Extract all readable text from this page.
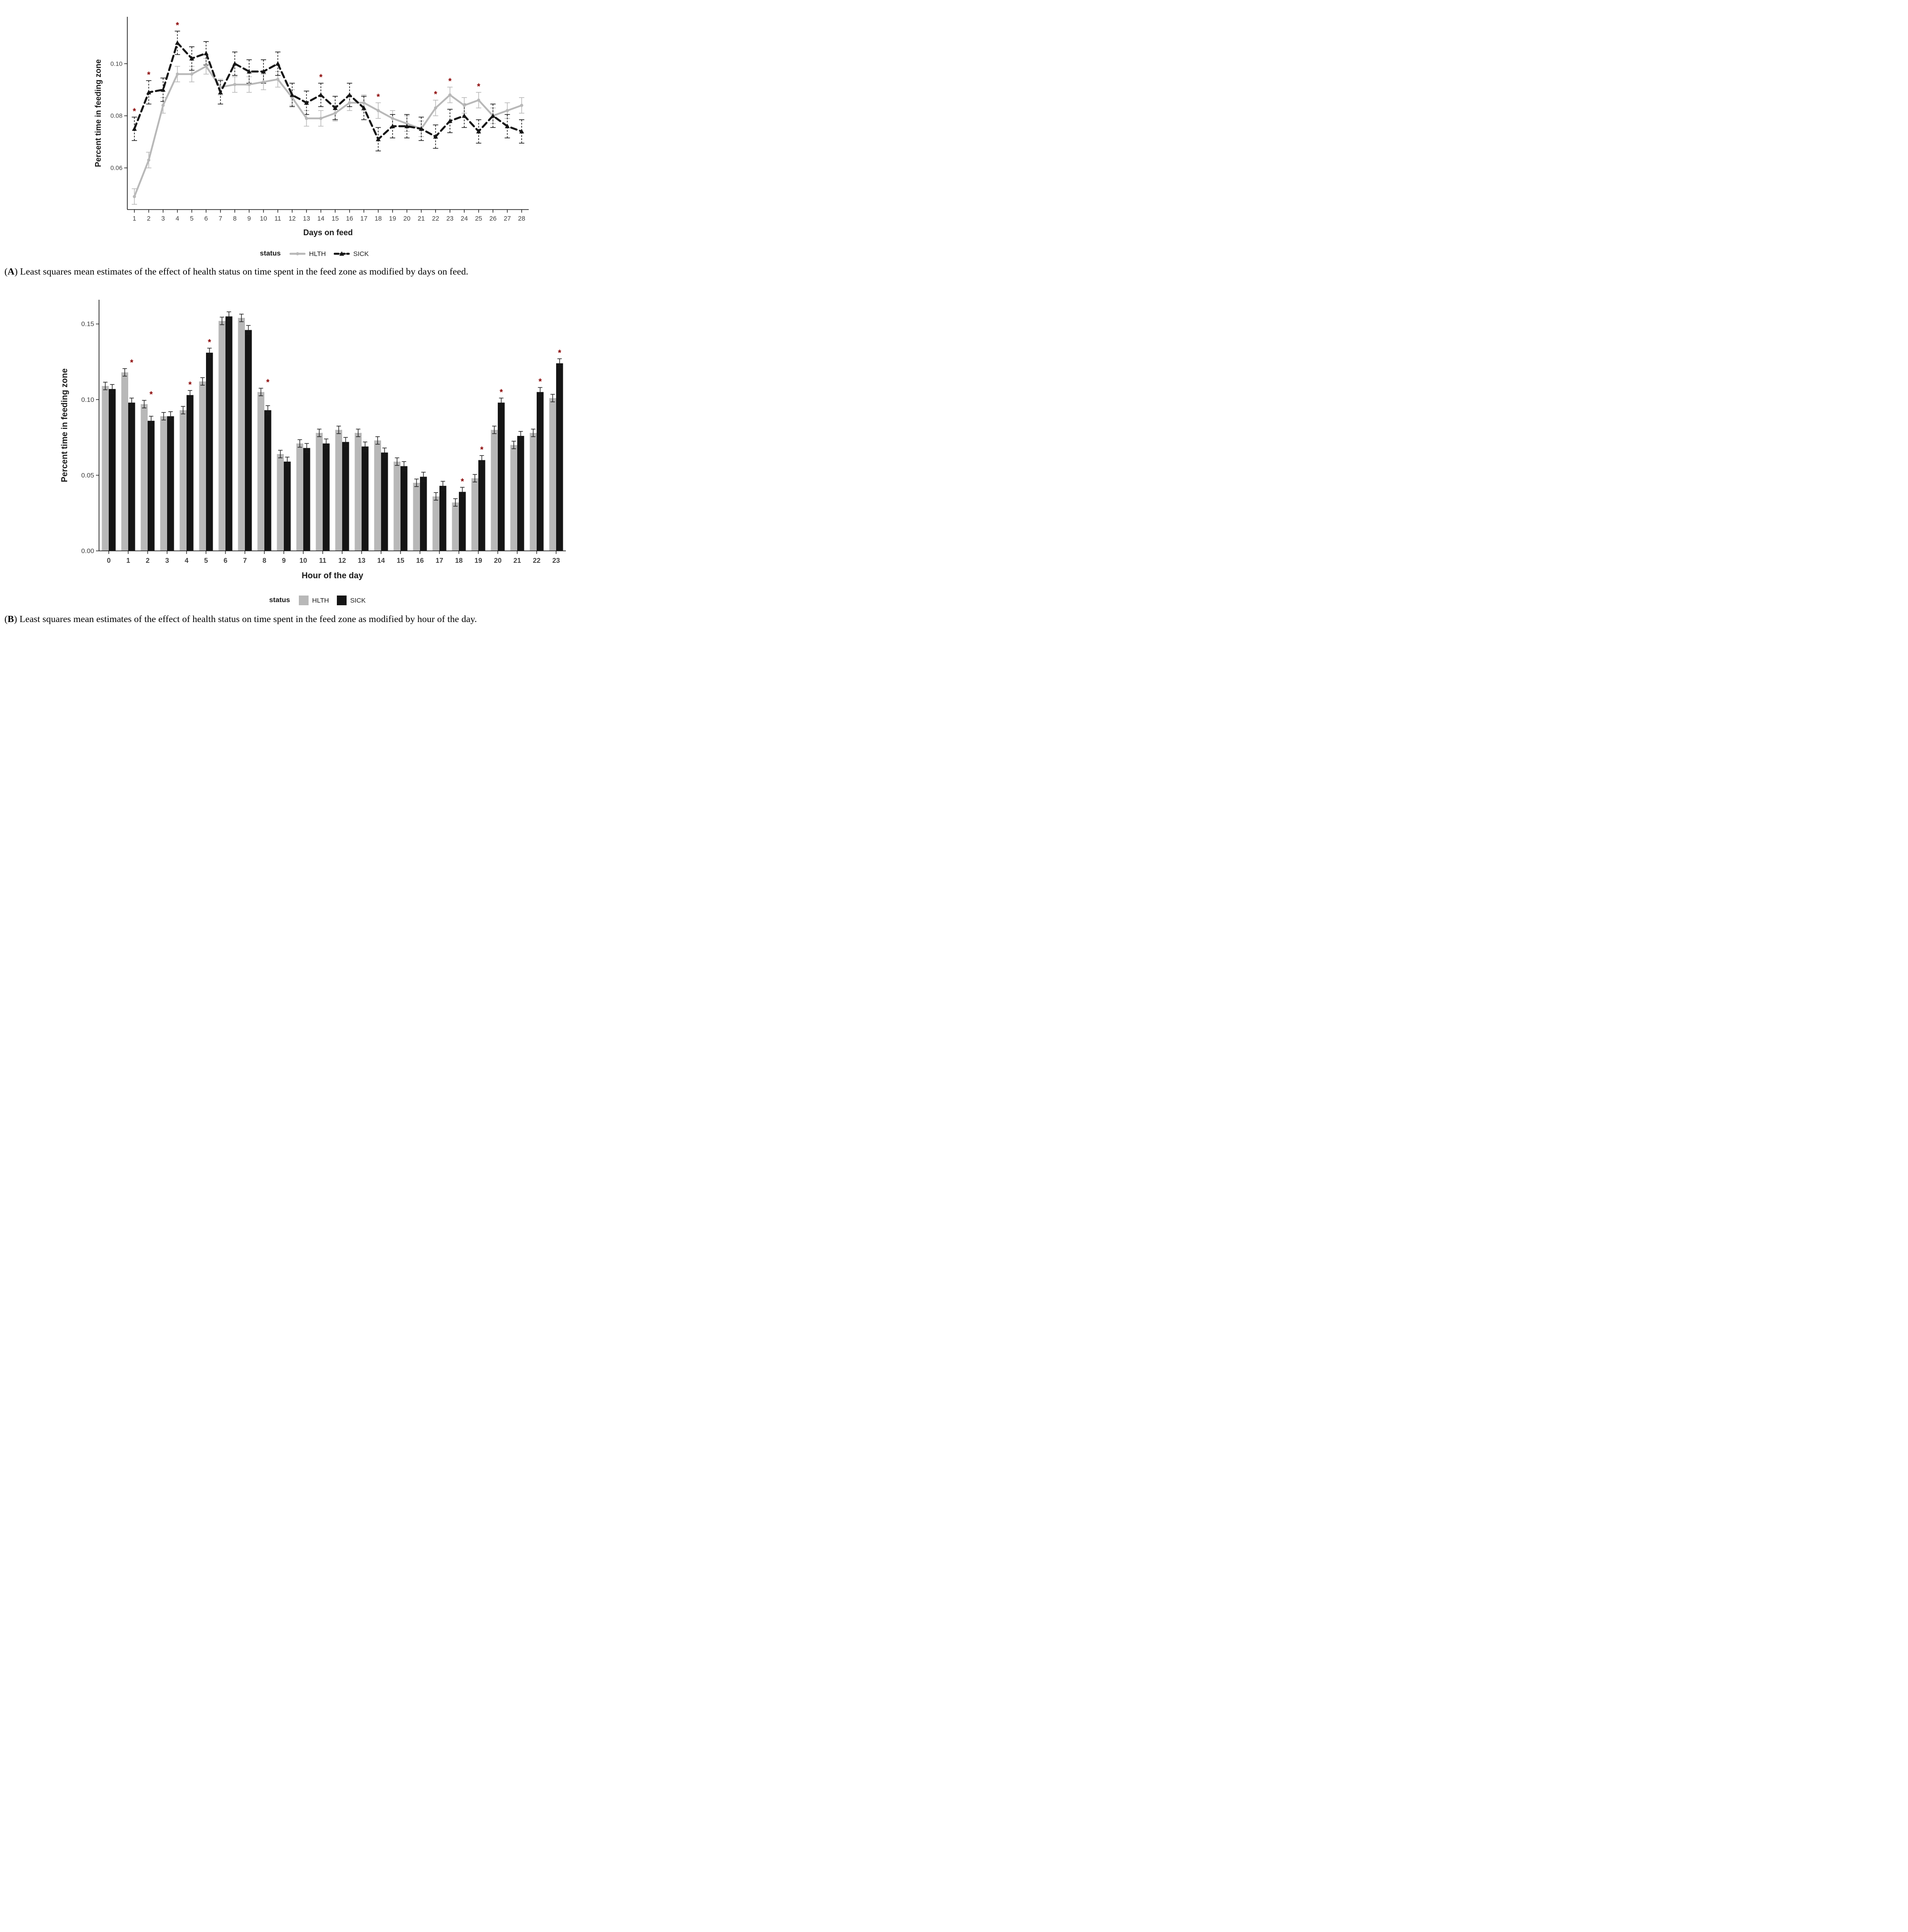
0.06
0.08
0.10
1 2 3 4 5 6 7 8 9 10 11 12 13 14 15 16 17 18 19 20 21 22 23 24 25 26 27 28
Days on feed
Percent time in feeding zone	*
*
*
*
*	*
*
*
status	HLTH	SICK

(A) Least squares mean estimates of the effect of health status on time spent in the feed zone as modified by days on feed.

0.00
0.05
0.10
0.15
0 1 2 3 4 5 6 7 8 9 10 11 12 13 14 15 16 17 18 19 20 21 22 23
Hour of the day
Percent time in feeding zone
*
*
*
*
*
*
*
*
*
*
status	HLTH	SICK

(B) Least squares mean estimates of the effect of health status on time spent in the feed zone as modified by hour of the day.
